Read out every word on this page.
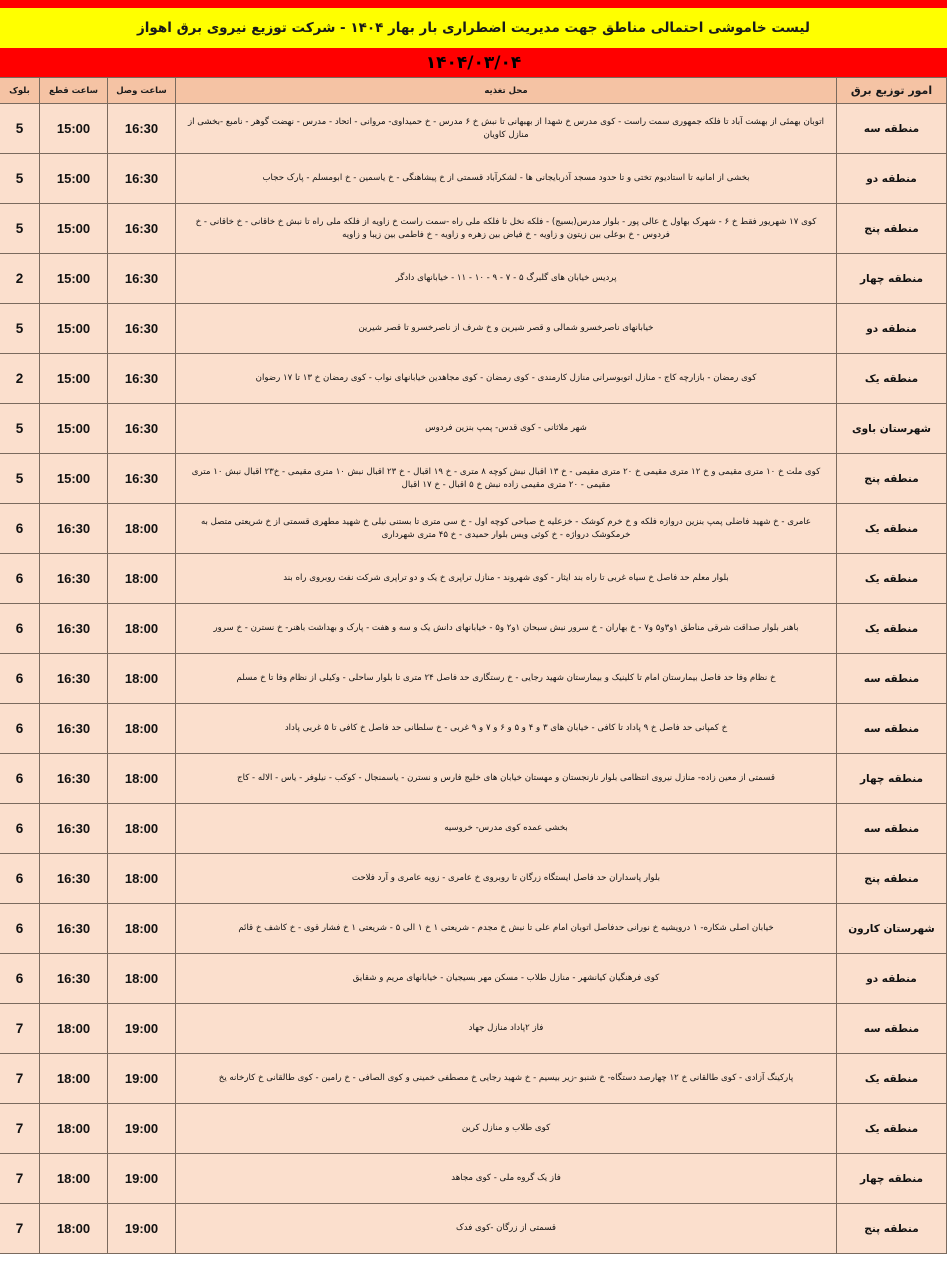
لیست خاموشی احتمالی مناطق جهت مدیریت اضطراری بار بهار ۱۴۰۴ - شرکت توزیع نیروی برق اهواز
۱۴۰۴/۰۳/۰۴
امور توزیع برق	محل تغذیه	ساعت وصل	ساعت قطع	بلوک
منطقه سه	اتوبان بهمئی از بهشت آباد تا فلکه جمهوری سمت راست - کوی مدرس خ شهدا از بهبهانی تا نبش خ ۶ مدرس - خ حمیداوی- مروانی - اتحاد - مدرس - نهضت گوهر - نامبع -بخشی از منازل کاویان	16:30	15:00	5
منطقه دو	بخشی از امانیه تا استادیوم تختی و تا حدود مسجد آذربایجانی ها - لشکرآباد قسمتی از خ پیشاهنگی - خ یاسمین - خ ابومسلم - پارک حجاب	16:30	15:00	5
منطقه پنج	کوی ۱۷ شهریور فقط خ ۶ - شهرک بهاول خ عالی پور - بلوار مدرس(بسیج) - فلکه نخل تا فلکه ملی راه -سمت راست خ زاویه از فلکه ملی راه تا نبش خ خاقانی - خ خاقانی - خ فردوس - خ بوعلی بین زیتون و زاویه - خ فیاض بین زهره و زاویه - خ فاطمی بین زیبا و زاویه	16:30	15:00	5
منطقه چهار	پردیس خیابان های گلبرگ ۵ - ۷ - ۹ - ۱۰ - ۱۱ - خیابانهای دادگر	16:30	15:00	2
منطقه دو	خیابانهای ناصرخسرو شمالی و قصر شیرین و خ شرف از ناصرخسرو تا قصر شیرین	16:30	15:00	5
منطقه یک	کوی رمضان - بازارچه کاج - منازل اتوبوسرانی منازل کارمندی - کوی رمضان - کوی مجاهدین خیابانهای نواب - کوی رمضان خ ۱۳ تا ۱۷ رضوان	16:30	15:00	2
شهرستان باوی	شهر ملاثانی - کوی قدس- پمپ بنزین فردوس	16:30	15:00	5
منطقه پنج	کوی ملت خ ۱۰ متری مقیمی و خ ۱۲ متری مقیمی خ ۲۰ متری مقیمی - خ ۱۳ اقبال نبش کوچه ۸ متری - خ ۱۹ اقبال - خ ۲۳ اقبال نبش ۱۰ متری مقیمی - خ۲۳ اقبال نبش ۱۰ متری مقیمی - ۲۰ متری مقیمی زاده نبش خ ۵ اقبال - خ ۱۷ اقبال	16:30	15:00	5
منطقه یک	عامری - خ شهید فاضلی پمپ بنزین دروازه فلکه و خ خرم کوشک - خزعلیه خ صباحی کوچه اول - خ سی متری تا بستنی نیلی خ شهید مطهری قسمتی از خ شریعتی متصل به خرمکوشک درواژه - خ کوثی ویس بلوار حمیدی - خ ۴۵ متری شهرداری	18:00	16:30	6
منطقه یک	بلوار معلم حد فاصل خ سیاه غربی تا راه بند ایثار - کوی شهروند - منازل تراپری خ یک و دو تراپری شرکت نفت روبروی راه بند	18:00	16:30	6
منطقه یک	باهنر بلوار صداقت شرقی مناطق ۱و۳و۵ و۷ - خ بهاران - خ سرور نبش سبحان ۱و۲ و۵ - خیابانهای دانش یک و سه و هفت - پارک و بهداشت باهنر- خ نسترن - خ سرور	18:00	16:30	6
منطقه سه	خ نظام وفا حد فاصل بیمارستان امام تا کلینیک و بیمارستان شهید رجایی - خ رستگاری حد فاصل ۲۴ متری تا بلوار ساحلی - وکیلی از نظام وفا تا خ مسلم	18:00	16:30	6
منطقه سه	خ کمپانی حد فاصل خ ۹ پاداد تا کافی - خیابان های ۳ و ۴ و ۵ و ۶ و ۷ و ۹ غربی - خ سلطانی حد فاصل خ کافی تا ۵ غربی پاداد	18:00	16:30	6
منطقه چهار	قسمتی از معین زاده- منازل نیروی انتظامی بلوار نارنجستان و مهستان خیابان های خلیج فارس و نسترن - یاسمنجال - کوکب - نیلوفر - یاس - الاله - کاج	18:00	16:30	6
منطقه سه	بخشی عمده کوی مدرس- خروسیه	18:00	16:30	6
منطقه پنج	بلوار پاسداران حد فاصل ایستگاه زرگان تا روبروی خ عامری - زویه عامری و آرد فلاحت	18:00	16:30	6
شهرستان کارون	خیابان اصلی شکاره- ۱ درویشیه خ نورانی حدفاصل اتوبان امام علی تا نبش خ مجدم - شریعتی ۱ خ ۱ الی ۵ - شریعتی ۱ خ فشار قوی - خ کاشف خ قائم	18:00	16:30	6
منطقه دو	کوی فرهنگیان کیانشهر - منازل طلاب - مسکن مهر بسیجیان - خیابانهای مریم و شقایق	18:00	16:30	6
منطقه سه	فاز ۲پاداد منازل جهاد	19:00	18:00	7
منطقه یک	پارکینگ آزادی - کوی طالقانی خ ۱۲ چهارصد دستگاه- خ شنبو -زیر بیسیم - خ شهید رجایی خ مصطفی خمینی و کوی الصافی - خ رامین - کوی طالقانی خ کارخانه یخ	19:00	18:00	7
منطقه یک	کوی طلاب و منازل کرین	19:00	18:00	7
منطقه چهار	فاز یک گروه ملی - کوی مجاهد	19:00	18:00	7
منطقه پنج	قسمتی از زرگان -کوی فدک	19:00	18:00	7
